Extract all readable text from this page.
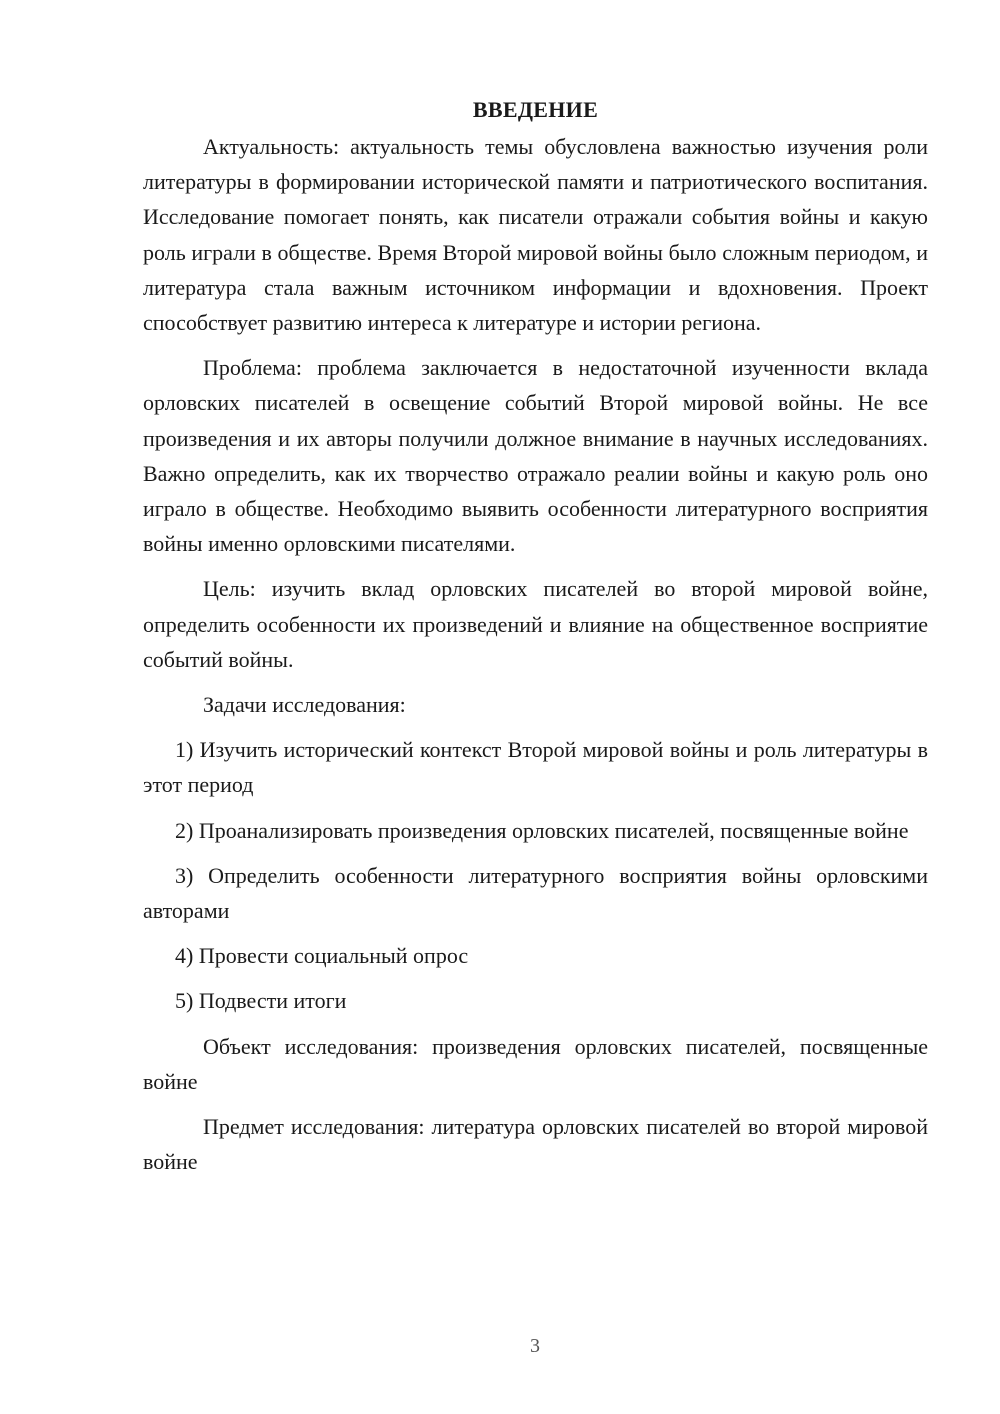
ВВЕДЕНИЕ

Актуальность: актуальность темы обусловлена важностью изучения роли литературы в формировании исторической памяти и патриотического воспитания. Исследование помогает понять, как писатели отражали события войны и какую роль играли в обществе. Время Второй мировой войны было сложным периодом, и литература стала важным источником информации и вдохновения. Проект способствует развитию интереса к литературе и истории региона.

Проблема: проблема заключается в недостаточной изученности вклада орловских писателей в освещение событий Второй мировой войны. Не все произведения и их авторы получили должное внимание в научных исследованиях. Важно определить, как их творчество отражало реалии войны и какую роль оно играло в обществе. Необходимо выявить особенности литературного восприятия войны именно орловскими писателями.

Цель: изучить вклад орловских писателей во второй мировой войне, определить особенности их произведений и влияние на общественное восприятие событий войны.

Задачи исследования:

1) Изучить исторический контекст Второй мировой войны и роль литературы в этот период

2) Проанализировать произведения орловских писателей, посвященные войне

3) Определить особенности литературного восприятия войны орловскими авторами

4) Провести социальный опрос

5) Подвести итоги

Объект исследования: произведения орловских писателей, посвященные войне

Предмет исследования: литература орловских писателей во второй мировой войне

3
